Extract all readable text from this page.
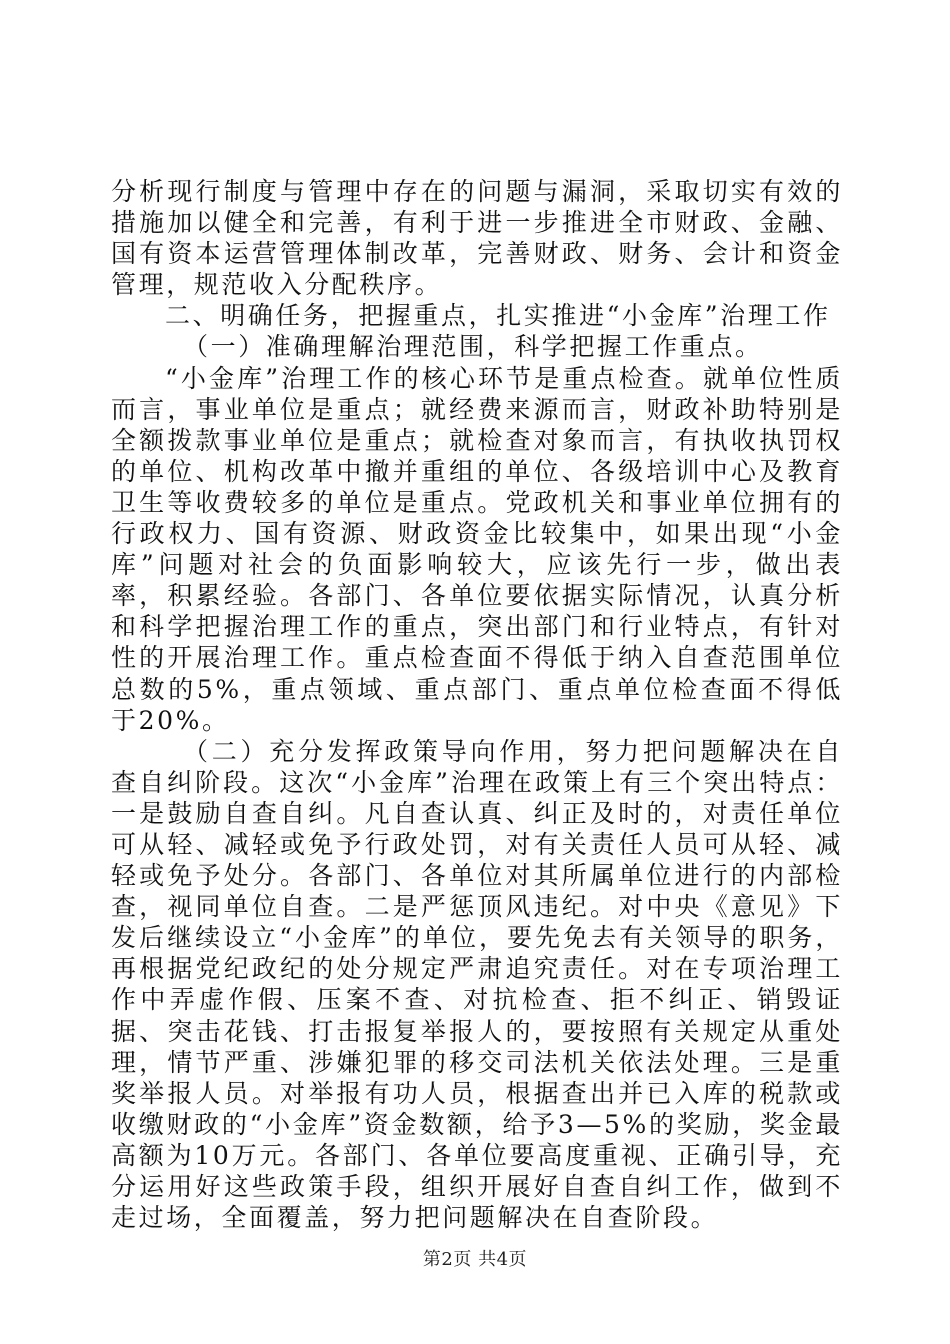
分析现行制度与管理中存在的问题与漏洞，采取切实有效的措施加以健全和完善，有利于进一步推进全市财政、金融、国有资本运营管理体制改革，完善财政、财务、会计和资金管理，规范收入分配秩序。

二、明确任务，把握重点，扎实推进“小金库”治理工作

（一）准确理解治理范围，科学把握工作重点。

“小金库”治理工作的核心环节是重点检查。就单位性质而言，事业单位是重点；就经费来源而言，财政补助特别是全额拨款事业单位是重点；就检查对象而言，有执收执罚权的单位、机构改革中撤并重组的单位、各级培训中心及教育卫生等收费较多的单位是重点。党政机关和事业单位拥有的行政权力、国有资源、财政资金比较集中，如果出现“小金库”问题对社会的负面影响较大，应该先行一步，做出表率，积累经验。各部门、各单位要依据实际情况，认真分析和科学把握治理工作的重点，突出部门和行业特点，有针对性的开展治理工作。重点检查面不得低于纳入自查范围单位总数的5%，重点领域、重点部门、重点单位检查面不得低于20%。

（二）充分发挥政策导向作用，努力把问题解决在自查自纠阶段。这次“小金库”治理在政策上有三个突出特点：一是鼓励自查自纠。凡自查认真、纠正及时的，对责任单位可从轻、减轻或免予行政处罚，对有关责任人员可从轻、减轻或免予处分。各部门、各单位对其所属单位进行的内部检查，视同单位自查。二是严惩顶风违纪。对中央《意见》下发后继续设立“小金库”的单位，要先免去有关领导的职务，再根据党纪政纪的处分规定严肃追究责任。对在专项治理工作中弄虚作假、压案不查、对抗检查、拒不纠正、销毁证据、突击花钱、打击报复举报人的，要按照有关规定从重处理，情节严重、涉嫌犯罪的移交司法机关依法处理。三是重奖举报人员。对举报有功人员，根据查出并已入库的税款或收缴财政的“小金库”资金数额，给予3—5%的奖励，奖金最高额为10万元。各部门、各单位要高度重视、正确引导，充分运用好这些政策手段，组织开展好自查自纠工作，做到不走过场，全面覆盖，努力把问题解决在自查阶段。

第2页 共4页
